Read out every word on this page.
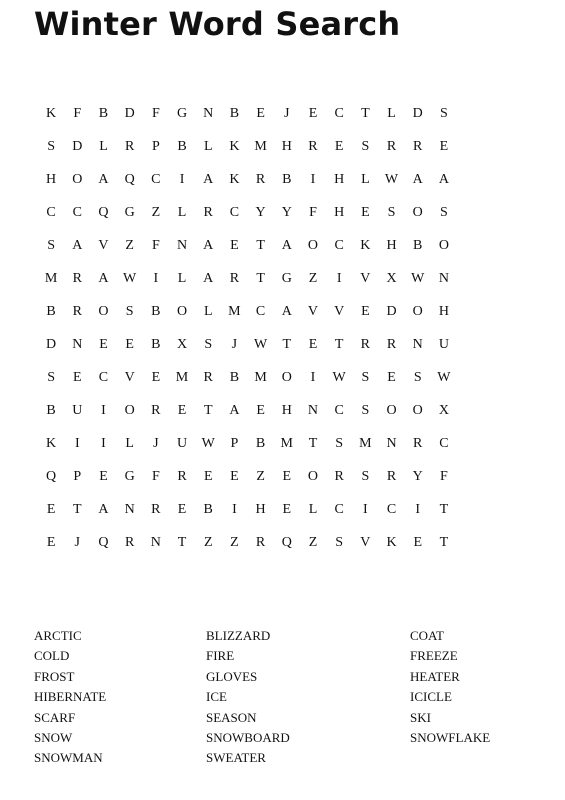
Winter Word Search
K	F	B	D	F	G	N	B	E	J	E	C	T	L	D	S
S	D	L	R	P	B	L	K	M	H	R	E	S	R	R	E
H	O	A	Q	C	I	A	K	R	B	I	H	L	W	A	A
C	C	Q	G	Z	L	R	C	Y	Y	F	H	E	S	O	S
S	A	V	Z	F	N	A	E	T	A	O	C	K	H	B	O
M	R	A	W	I	L	A	R	T	G	Z	I	V	X	W	N
B	R	O	S	B	O	L	M	C	A	V	V	E	D	O	H
D	N	E	E	B	X	S	J	W	T	E	T	R	R	N	U
S	E	C	V	E	M	R	B	M	O	I	W	S	E	S	W
B	U	I	O	R	E	T	A	E	H	N	C	S	O	O	X
K	I	I	L	J	U	W	P	B	M	T	S	M	N	R	C
Q	P	E	G	F	R	E	E	Z	E	O	R	S	R	Y	F
E	T	A	N	R	E	B	I	H	E	L	C	I	C	I	T
E	J	Q	R	N	T	Z	Z	R	Q	Z	S	V	K	E	T
ARCTIC
COLD
FROST
HIBERNATE
SCARF
SNOW
SNOWMAN
BLIZZARD
FIRE
GLOVES
ICE
SEASON
SNOWBOARD
SWEATER
COAT
FREEZE
HEATER
ICICLE
SKI
SNOWFLAKE
